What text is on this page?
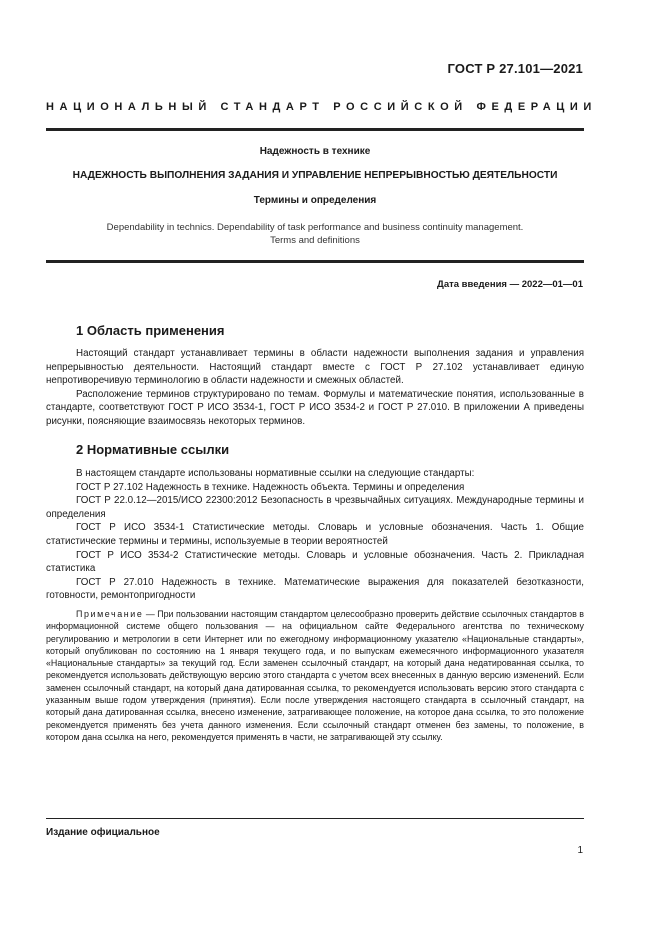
ГОСТ Р 27.101—2021
НАЦИОНАЛЬНЫЙ СТАНДАРТ РОССИЙСКОЙ ФЕДЕРАЦИИ
Надежность в технике
НАДЕЖНОСТЬ ВЫПОЛНЕНИЯ ЗАДАНИЯ И УПРАВЛЕНИЕ НЕПРЕРЫВНОСТЬЮ ДЕЯТЕЛЬНОСТИ
Термины и определения
Dependability in technics. Dependability of task performance and business continuity management.
Terms and definitions
Дата введения — 2022—01—01
1 Область применения

Настоящий стандарт устанавливает термины в области надежности выполнения задания и управления непрерывностью деятельности. Настоящий стандарт вместе с ГОСТ Р 27.102 устанавливает единую непротиворечивую терминологию в области надежности и смежных областей.

Расположение терминов структурировано по темам. Формулы и математические понятия, использованные в стандарте, соответствуют ГОСТ Р ИСО 3534-1, ГОСТ Р ИСО 3534-2 и ГОСТ Р 27.010. В приложении А приведены рисунки, поясняющие взаимосвязь некоторых терминов.

2 Нормативные ссылки

В настоящем стандарте использованы нормативные ссылки на следующие стандарты:

ГОСТ Р 27.102 Надежность в технике. Надежность объекта. Термины и определения

ГОСТ Р 22.0.12—2015/ИСО 22300:2012 Безопасность в чрезвычайных ситуациях. Международные термины и определения

ГОСТ Р ИСО 3534-1 Статистические методы. Словарь и условные обозначения. Часть 1. Общие статистические термины и термины, используемые в теории вероятностей

ГОСТ Р ИСО 3534-2 Статистические методы. Словарь и условные обозначения. Часть 2. Прикладная статистика

ГОСТ Р 27.010 Надежность в технике. Математические выражения для показателей безотказности, готовности, ремонтопригодности

Примечание — При пользовании настоящим стандартом целесообразно проверить действие ссылочных стандартов в информационной системе общего пользования — на официальном сайте Федерального агентства по техническому регулированию и метрологии в сети Интернет или по ежегодному информационному указателю «Национальные стандарты», который опубликован по состоянию на 1 января текущего года, и по выпускам ежемесячного информационного указателя «Национальные стандарты» за текущий год. Если заменен ссылочный стандарт, на который дана недатированная ссылка, то рекомендуется использовать действующую версию этого стандарта с учетом всех внесенных в данную версию изменений. Если заменен ссылочный стандарт, на который дана датированная ссылка, то рекомендуется использовать версию этого стандарта с указанным выше годом утверждения (принятия). Если после утверждения настоящего стандарта в ссылочный стандарт, на который дана датированная ссылка, внесено изменение, затрагивающее положение, на которое дана ссылка, то это положение рекомендуется применять без учета данного изменения. Если ссылочный стандарт отменен без замены, то положение, в котором дана ссылка на него, рекомендуется применять в части, не затрагивающей эту ссылку.
Издание официальное
1
